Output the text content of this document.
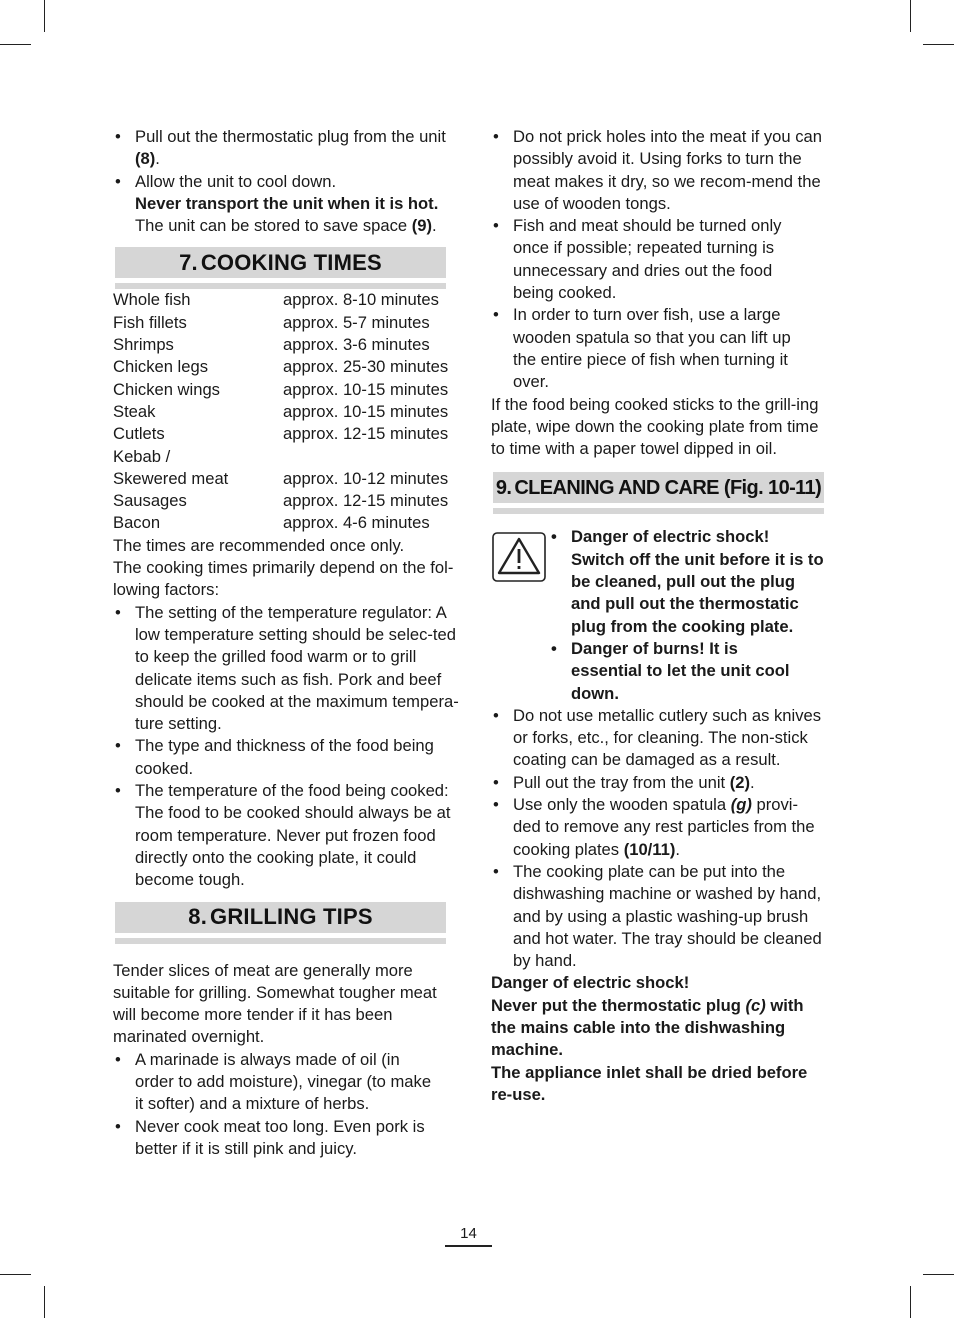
• Pull out the thermostatic plug from the unit (8).
• Allow the unit to cool down.
Never transport the unit when it is hot.
The unit can be stored to save space (9).
7. COOKING TIMES
Whole fish	approx. 8-10 minutes
Fish fillets	approx. 5-7 minutes
Shrimps	approx. 3-6 minutes
Chicken legs	approx. 25-30 minutes
Chicken wings	approx. 10-15 minutes
Steak	approx. 10-15 minutes
Cutlets	approx. 12-15 minutes
Kebab /
Skewered meat	approx. 10-12 minutes
Sausages	approx. 12-15 minutes
Bacon	approx. 4-6 minutes

The times are recommended once only.

The cooking times primarily depend on the fol-lowing factors:

• The setting of the temperature regulator: A low temperature setting should be selec-ted to keep the grilled food warm or to grill delicate items such as fish. Pork and beef should be cooked at the maximum tempera-ture setting.
• The type and thickness of the food being cooked.
• The temperature of the food being cooked: The food to be cooked should always be at room temperature. Never put frozen food directly onto the cooking plate, it could become tough.
8. GRILLING TIPS

Tender slices of meat are generally more suitable for grilling. Somewhat tougher meat will become more tender if it has been marinated overnight.

• A marinade is always made of oil (in order to add moisture), vinegar (to make it softer) and a mixture of herbs.
• Never cook meat too long. Even pork is better if it is still pink and juicy.
• Do not prick holes into the meat if you can possibly avoid it. Using forks to turn the meat makes it dry, so we recom-mend the use of wooden tongs.
• Fish and meat should be turned only once if possible; repeated turning is unnecessary and dries out the food being cooked.
• In order to turn over fish, use a large wooden spatula so that you can lift up the entire piece of fish when turning it over.

If the food being cooked sticks to the grill-ing plate, wipe down the cooking plate from time to time with a paper towel dipped in oil.

9. CLEANING AND CARE (Fig. 10-11)
• Danger of electric shock! Switch off the unit before it is to be cleaned, pull out the plug and pull out the thermostatic plug from the cooking plate.
• Danger of burns! It is essential to let the unit cool down.
• Do not use metallic cutlery such as knives or forks, etc., for cleaning. The non-stick coating can be damaged as a result.
• Pull out the tray from the unit (2).
• Use only the wooden spatula (g) provi-ded to remove any rest particles from the cooking plates (10/11).
• The cooking plate can be put into the dishwashing machine or washed by hand, and by using a plastic washing-up brush and hot water. The tray should be cleaned by hand.

Danger of electric shock!

Never put the thermostatic plug (c) with the mains cable into the dishwashing machine.

The appliance inlet shall be dried before re-use.

14
